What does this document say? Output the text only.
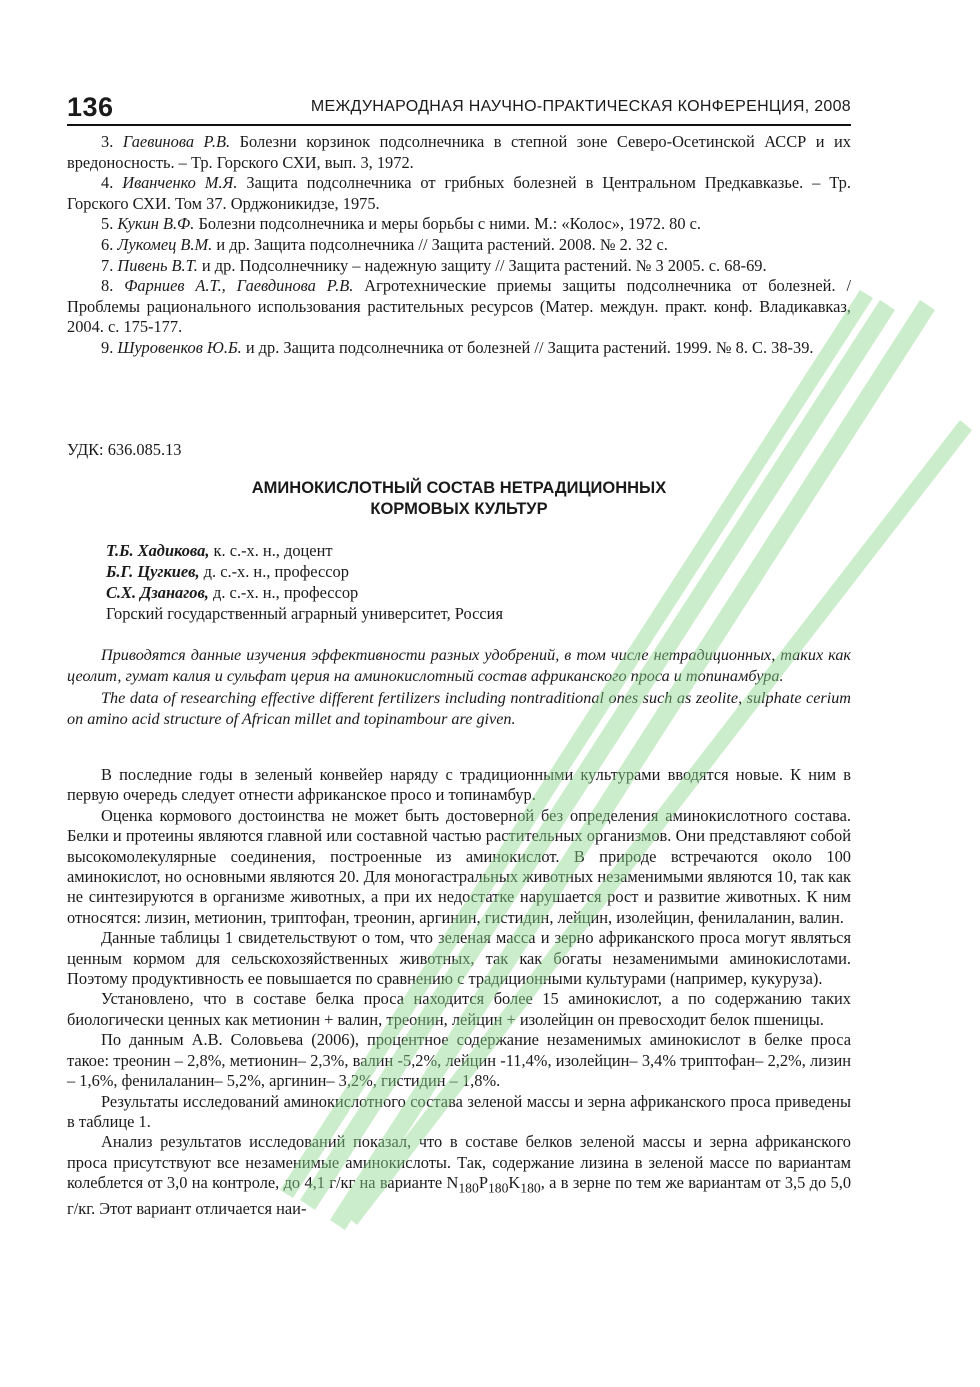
136	МЕЖДУНАРОДНАЯ НАУЧНО-ПРАКТИЧЕСКАЯ КОНФЕРЕНЦИЯ, 2008

3. Гаевинова Р.В. Болезни корзинок подсолнечника в степной зоне Северо-Осетинской АССР и их вредоносность. – Тр. Горского СХИ, вып. 3, 1972.

4. Иванченко М.Я. Защита подсолнечника от грибных болезней в Центральном Предкавказье. – Тр. Горского СХИ. Том 37. Орджоникидзе, 1975.

5. Кукин В.Ф. Болезни подсолнечника и меры борьбы с ними. М.: «Колос», 1972. 80 с.

6. Лукомец В.М. и др. Защита подсолнечника // Защита растений. 2008. № 2. 32 с.

7. Пивень В.Т. и др. Подсолнечнику – надежную защиту // Защита растений. № 3 2005. с. 68-69.

8. Фарниев А.Т., Гаевдинова Р.В. Агротехнические приемы защиты подсолнечника от болезней. / Проблемы рационального использования растительных ресурсов (Матер. междун. практ. конф. Владикавказ, 2004. с. 175-177.

9. Шуровенков Ю.Б. и др. Защита подсолнечника от болезней // Защита растений. 1999. № 8. С. 38-39.

УДК: 636.085.13
АМИНОКИСЛОТНЫЙ СОСТАВ НЕТРАДИЦИОННЫХ
КОРМОВЫХ КУЛЬТУР
Т.Б. Хадикова, к. с.-х. н., доцент
Б.Г. Цугкиев, д. с.-х. н., профессор
С.Х. Дзанагов, д. с.-х. н., профессор
Горский государственный аграрный университет, Россия

Приводятся данные изучения эффективности разных удобрений, в том числе нетрадиционных, таких как цеолит, гумат калия и сульфат церия на аминокислотный состав африканского проса и топинамбура.

The data of researching effective different fertilizers including nontraditional ones such as zeolite, sulphate cerium on amino acid structure of African millet and topinambour are given.

В последние годы в зеленый конвейер наряду с традиционными культурами вводятся новые. К ним в первую очередь следует отнести африканское просо и топинамбур.

Оценка кормового достоинства не может быть достоверной без определения аминокислотного состава. Белки и протеины являются главной или составной частью растительных организмов. Они представляют собой высокомолекулярные соединения, построенные из аминокислот. В природе встречаются около 100 аминокислот, но основными являются 20. Для моногастральных животных незаменимыми являются 10, так как не синтезируются в организме животных, а при их недостатке нарушается рост и развитие животных. К ним относятся: лизин, метионин, триптофан, треонин, аргинин, гистидин, лейцин, изолейцин, фенилаланин, валин.

Данные таблицы 1 свидетельствуют о том, что зеленая масса и зерно африканского проса могут являться ценным кормом для сельскохозяйственных животных, так как богаты незаменимыми аминокислотами. Поэтому продуктивность ее повышается по сравнению с традиционными культурами (например, кукуруза).

Установлено, что в составе белка проса находится более 15 аминокислот, а по содержанию таких биологически ценных как метионин + валин, треонин, лейцин + изолейцин он превосходит белок пшеницы.

По данным А.В. Соловьева (2006), процентное содержание незаменимых аминокислот в белке проса такое: треонин – 2,8%, метионин– 2,3%, валин -5,2%, лейцин -11,4%, изолейцин– 3,4% триптофан– 2,2%, лизин – 1,6%, фенилаланин– 5,2%, аргинин– 3,2%, гистидин – 1,8%.

Результаты исследований аминокислотного состава зеленой массы и зерна африканского проса приведены в таблице 1.

Анализ результатов исследований показал, что в составе белков зеленой массы и зерна африканского проса присутствуют все незаменимые аминокислоты. Так, содержание лизина в зеленой массе по вариантам колеблется от 3,0 на контроле, до 4,1 г/кг на варианте $N_{180}P_{180}K_{180}$, а в зерне по тем же вариантам от 3,5 до 5,0 г/кг. Этот вариант отличается наи-
